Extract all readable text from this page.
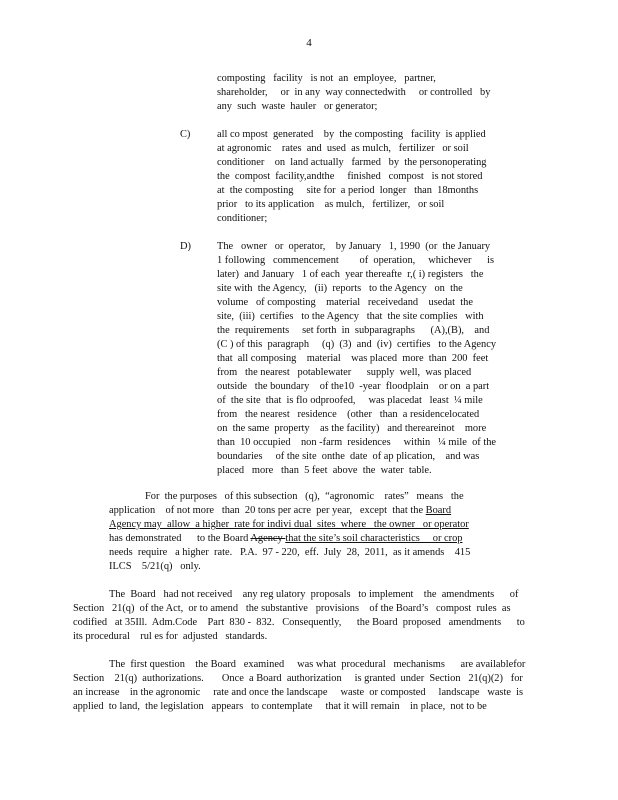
4
composting   facility   is not  an  employee,   partner,
shareholder,     or  in any  way connectedwith     or controlled   by
any  such  waste  hauler   or generator;
C)	all co mpost  generated    by  the composting   facility  is applied
at agronomic    rates  and  used  as mulch,   fertilizer   or soil
conditioner    on  land actually   farmed   by  the personoperating
the  compost  facility,andthe     finished   compost   is not stored
at  the composting     site for  a period  longer   than  18months
prior   to its application    as mulch,   fertilizer,   or soil
conditioner;
D)	The   owner   or  operator,    by January   1, 1990  (or  the January
1 following   commencement        of  operation,     whichever      is
later)  and January   1 of each  year thereafte  r,( i) registers   the
site with  the Agency,   (ii)  reports   to the Agency   on  the
volume   of composting    material   receivedand    usedat  the
site,  (iii)  certifies   to the Agency   that  the site complies   with
the  requirements     set forth  in  subparagraphs      (A),(B),    and
(C ) of this  paragraph     (q)  (3)  and  (iv)  certifies   to the Agency
that  all composing    material    was placed  more  than  200  feet
from   the nearest   potablewater      supply  well,  was placed
outside   the boundary    of the10  -year  floodplain    or on  a part
of  the site  that  is flo odproofed,     was placedat   least  ¼ mile
from   the nearest   residence    (other   than  a residencelocated
on  the same  property    as the facility)   and thereareinot    more
than  10 occupied    non -farm  residences     within   ¼ mile  of the
boundaries     of the site  onthe  date  of ap plication,    and was
placed   more   than  5 feet  above  the  water  table.
For  the purposes   of this subsection   (q),  “agronomic    rates”   means   the
application    of not more   than  20 tons per acre  per year,   except  that the Board
Agency may  allow  a higher  rate for indivi dual  sites  where   the owner   or operator
has demonstrated      to the Board Agency that the site’s soil characteristics     or crop
needs  require   a higher  rate.   P.A.  97 - 220,  eff.  July  28,  2011,  as it amends    415
ILCS    5/21(q)   only.
The  Board   had not received    any reg ulatory  proposals   to implement    the  amendments      of
Section   21(q)  of the Act,  or to amend   the substantive   provisions    of the Board’s   compost  rules  as
codified   at 35Ill.  Adm.Code    Part  830 -  832.   Consequently,      the Board  proposed   amendments      to
its procedural    rul es for  adjusted   standards.
The  first question    the Board   examined     was what  procedural   mechanisms      are availablefor
Section    21(q)  authorizations.       Once  a Board  authorization     is granted  under  Section   21(q)(2)   for
an increase    in the agronomic     rate and once the landscape     waste  or composted     landscape   waste  is
applied  to land,  the legislation   appears   to contemplate     that it will remain    in place,  not to be
